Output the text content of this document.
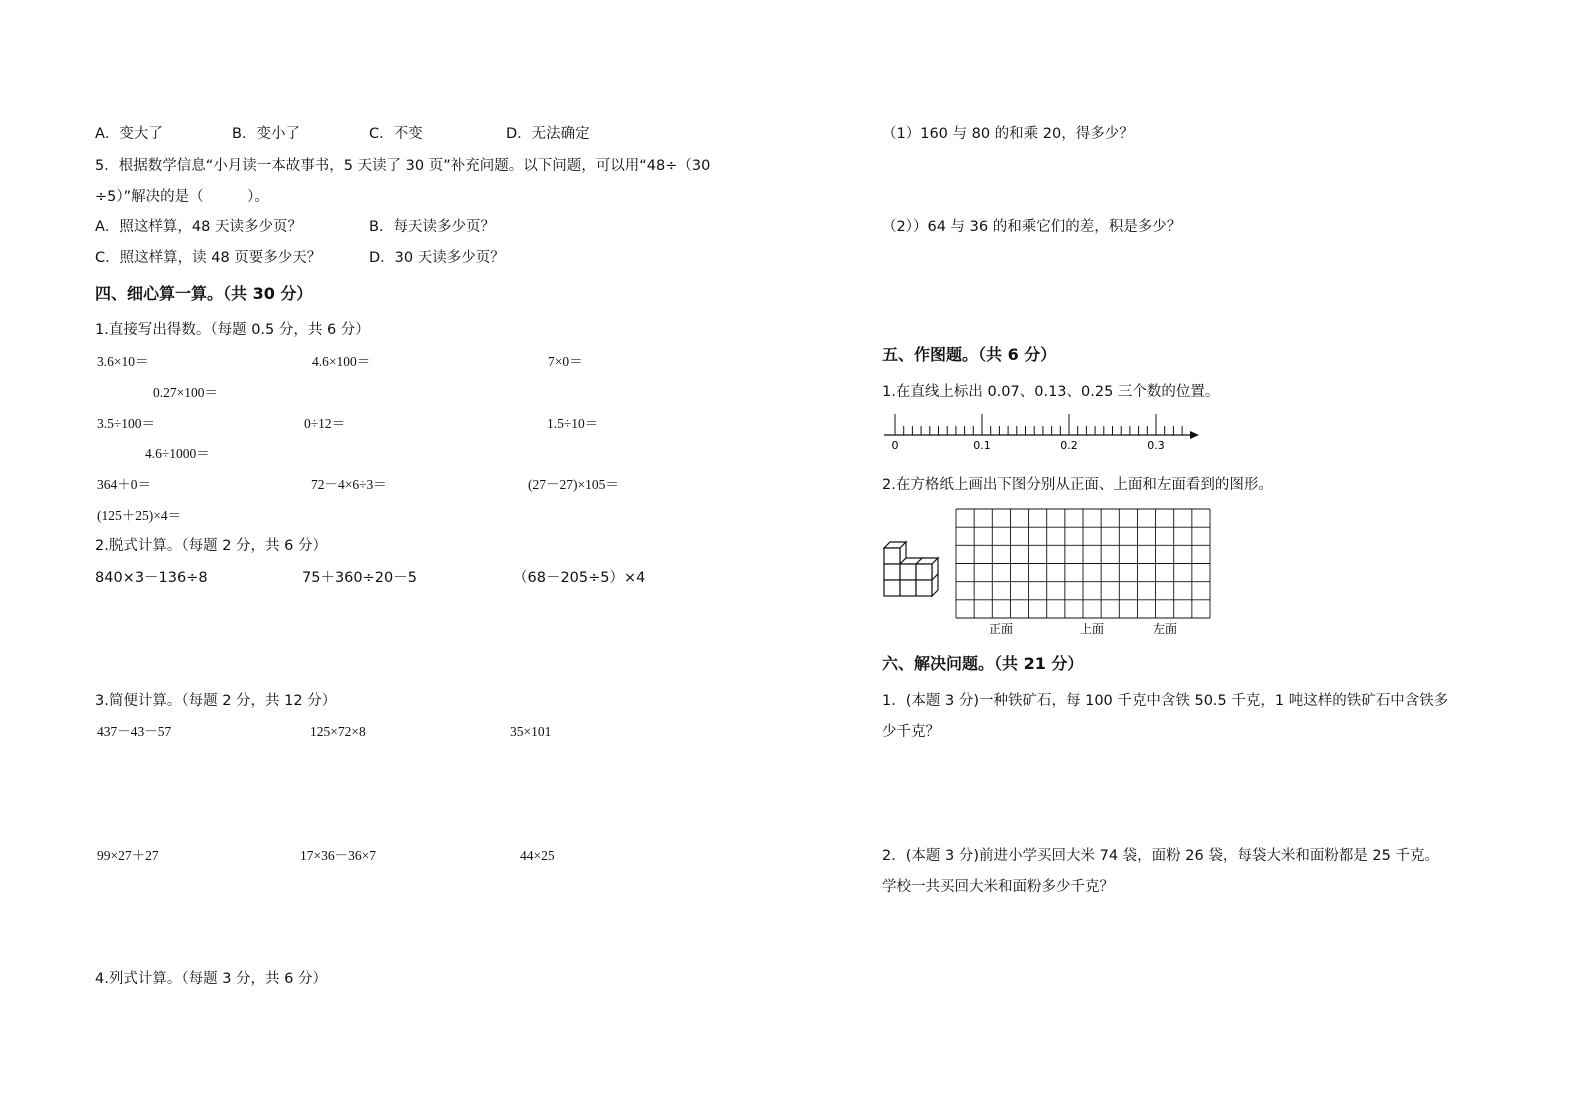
A．变大了	B．变小了	C．不变	D．无法确定
5．根据数学信息“小月读一本故事书，5 天读了 30 页”补充问题。以下问题，可以用“48÷（30
÷5）”解决的是（　　　）。
A．照这样算，48 天读多少页？	B．每天读多少页？
C．照这样算，读 48 页要多少天？	D．30 天读多少页？
四、细心算一算。（共 30 分）
1.直接写出得数。（每题 0.5 分，共 6 分）
3.6×10＝	4.6×100＝	7×0＝
0.27×100＝
3.5÷100＝	0÷12＝	1.5÷10＝
4.6÷1000＝
364＋0＝	72－4×6÷3＝	(27－27)×105＝
(125＋25)×4＝
2.脱式计算。（每题 2 分，共 6 分）
840×3－136÷8	75＋360÷20－5	（68－205÷5）×4
3.简便计算。（每题 2 分，共 12 分）
437－43－57	125×72×8	35×101
99×27＋27	17×36－36×7	44×25
4.列式计算。（每题 3 分，共 6 分）
（1）160 与 80 的和乘 20，得多少？
（2））64 与 36 的和乘它们的差，积是多少？
五、作图题。（共 6 分）
1.在直线上标出 0.07、0.13、0.25 三个数的位置。
0	0.1	0.2	0.3
2.在方格纸上画出下图分别从正面、上面和左面看到的图形。
正面	上面	左面
六、解决问题。（共 21 分）
1．(本题 3 分)一种铁矿石，每 100 千克中含铁 50.5 千克，1 吨这样的铁矿石中含铁多
少千克？
2．(本题 3 分)前进小学买回大米 74 袋，面粉 26 袋，每袋大米和面粉都是 25 千克。
学校一共买回大米和面粉多少千克？
